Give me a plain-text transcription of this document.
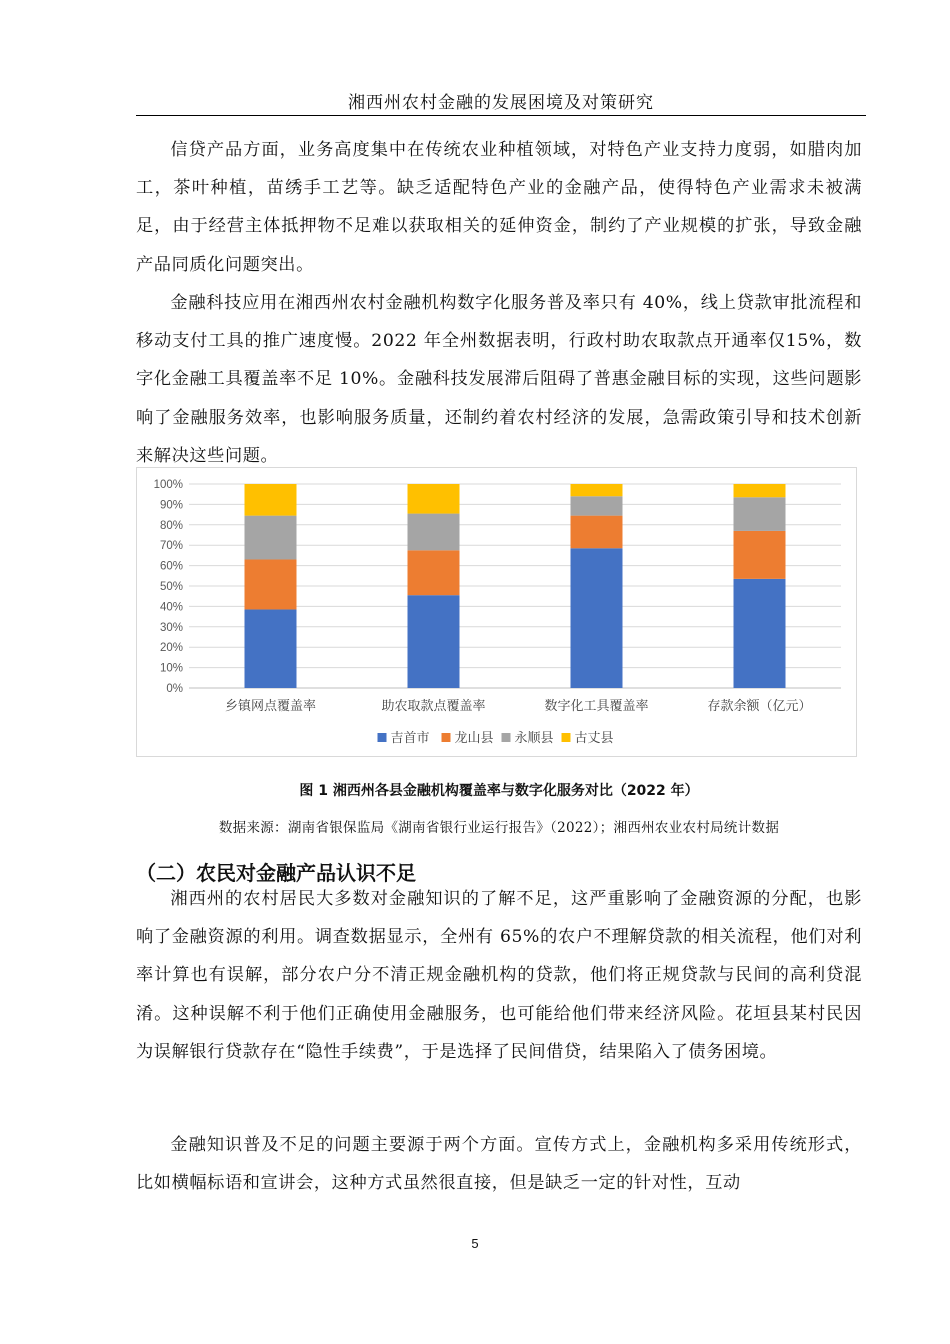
湘西州农村金融的发展困境及对策研究

信贷产品方面，业务高度集中在传统农业种植领域，对特色产业支持力度弱，如腊肉加工，茶叶种植，苗绣手工艺等。缺乏适配特色产业的金融产品，使得特色产业需求未被满足，由于经营主体抵押物不足难以获取相关的延伸资金，制约了产业规模的扩张，导致金融产品同质化问题突出。

金融科技应用在湘西州农村金融机构数字化服务普及率只有 40%，线上贷款审批流程和移动支付工具的推广速度慢。2022 年全州数据表明，行政村助农取款点开通率仅15%，数字化金融工具覆盖率不足 10%。金融科技发展滞后阻碍了普惠金融目标的实现，这些问题影响了金融服务效率，也影响服务质量，还制约着农村经济的发展，急需政策引导和技术创新来解决这些问题。

0%
10%
20%
30%
40%
50%
60%
70%
80%
90%
100%
乡镇网点覆盖率	助农取款点覆盖率	数字化工具覆盖率	存款余额（亿元）
吉首市 龙山县 永顺县 古丈县
图 1 湘西州各县金融机构覆盖率与数字化服务对比（2022 年）
数据来源：湖南省银保监局《湖南省银行业运行报告》（2022）；湘西州农业农村局统计数据
（二）农民对金融产品认识不足

湘西州的农村居民大多数对金融知识的了解不足，这严重影响了金融资源的分配，也影响了金融资源的利用。调查数据显示，全州有 65%的农户不理解贷款的相关流程，他们对利率计算也有误解，部分农户分不清正规金融机构的贷款，他们将正规贷款与民间的高利贷混淆。这种误解不利于他们正确使用金融服务，也可能给他们带来经济风险。花垣县某村民因为误解银行贷款存在“隐性手续费”，于是选择了民间借贷，结果陷入了债务困境。

金融知识普及不足的问题主要源于两个方面。宣传方式上，金融机构多采用传统形式，比如横幅标语和宣讲会，这种方式虽然很直接，但是缺乏一定的针对性，互动

5
